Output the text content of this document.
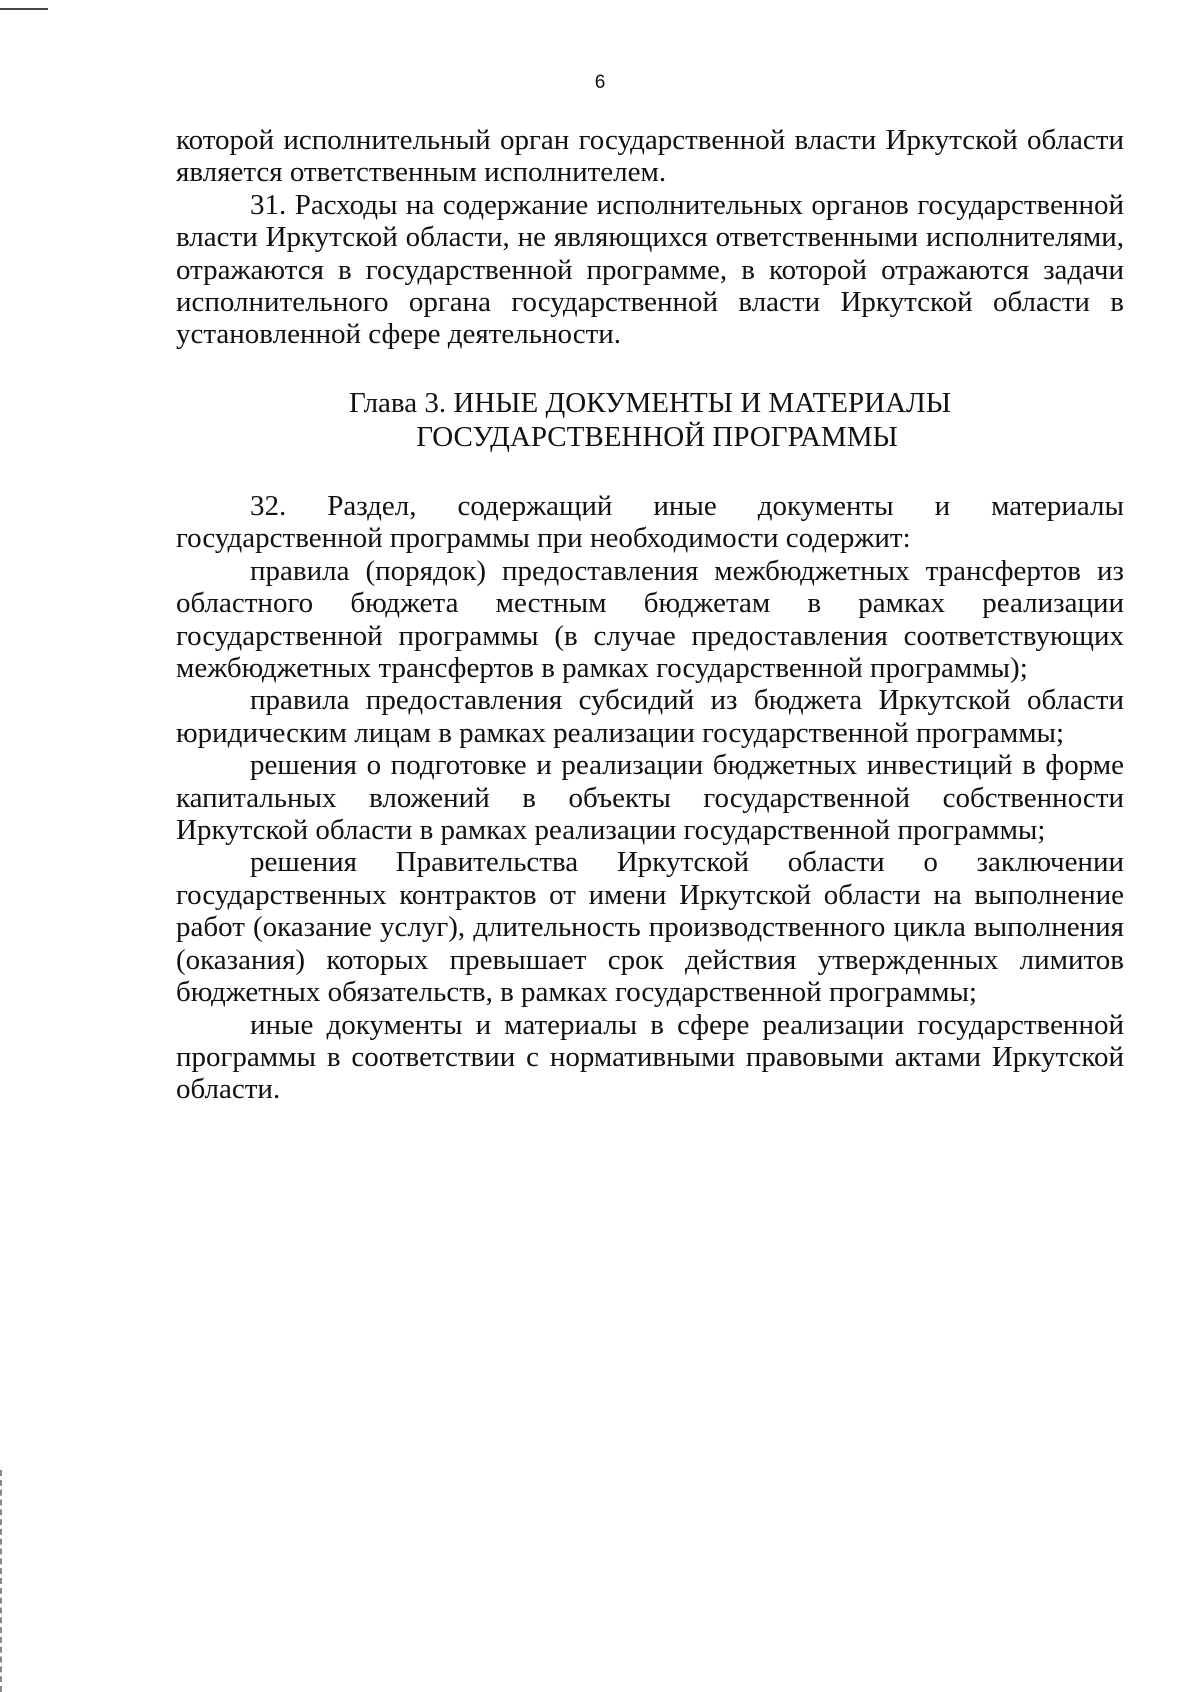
6

которой исполнительный орган государственной власти Иркутской области является ответственным исполнителем.

31. Расходы на содержание исполнительных органов государственной власти Иркутской области, не являющихся ответственными исполнителями, отражаются в государственной программе, в которой отражаются задачи исполнительного органа государственной власти Иркутской области в установленной сфере деятельности.

Глава 3. ИНЫЕ ДОКУМЕНТЫ И МАТЕРИАЛЫ
ГОСУДАРСТВЕННОЙ ПРОГРАММЫ

32. Раздел, содержащий иные документы и материалы государственной программы при необходимости содержит:

правила (порядок) предоставления межбюджетных трансфертов из областного бюджета местным бюджетам в рамках реализации государственной программы (в случае предоставления соответствующих межбюджетных трансфертов в рамках государственной программы);

правила предоставления субсидий из бюджета Иркутской области юридическим лицам в рамках реализации государственной программы;

решения о подготовке и реализации бюджетных инвестиций в форме капитальных вложений в объекты государственной собственности Иркутской области в рамках реализации государственной программы;

решения Правительства Иркутской области о заключении государственных контрактов от имени Иркутской области на выполнение работ (оказание услуг), длительность производственного цикла выполнения (оказания) которых превышает срок действия утвержденных лимитов бюджетных обязательств, в рамках государственной программы;

иные документы и материалы в сфере реализации государственной программы в соответствии с нормативными правовыми актами Иркутской области.
